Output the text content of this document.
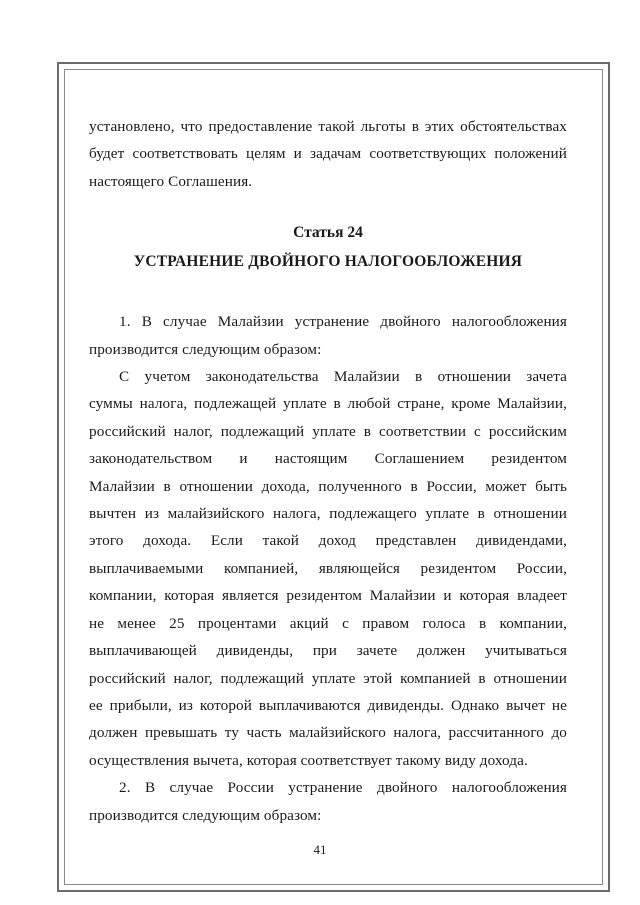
установлено, что предоставление такой льготы в этих обстоятельствах
будет соответствовать целям и задачам соответствующих положений
настоящего Соглашения.
Статья 24
УСТРАНЕНИЕ ДВОЙНОГО НАЛОГООБЛОЖЕНИЯ
1. В случае Малайзии устранение двойного налогообложения
производится следующим образом:
С учетом законодательства Малайзии в отношении зачета
суммы налога, подлежащей уплате в любой стране, кроме Малайзии,
российский налог, подлежащий уплате в соответствии с российским
законодательством и настоящим Соглашением резидентом
Малайзии в отношении дохода, полученного в России, может быть
вычтен из малайзийского налога, подлежащего уплате в отношении
этого дохода. Если такой доход представлен дивидендами,
выплачиваемыми компанией, являющейся резидентом России,
компании, которая является резидентом Малайзии и которая владеет
не менее 25 процентами акций с правом голоса в компании,
выплачивающей дивиденды, при зачете должен учитываться
российский налог, подлежащий уплате этой компанией в отношении
ее прибыли, из которой выплачиваются дивиденды. Однако вычет не
должен превышать ту часть малайзийского налога, рассчитанного до
осуществления вычета, которая соответствует такому виду дохода.
2. В случае России устранение двойного налогообложения
производится следующим образом:
41
